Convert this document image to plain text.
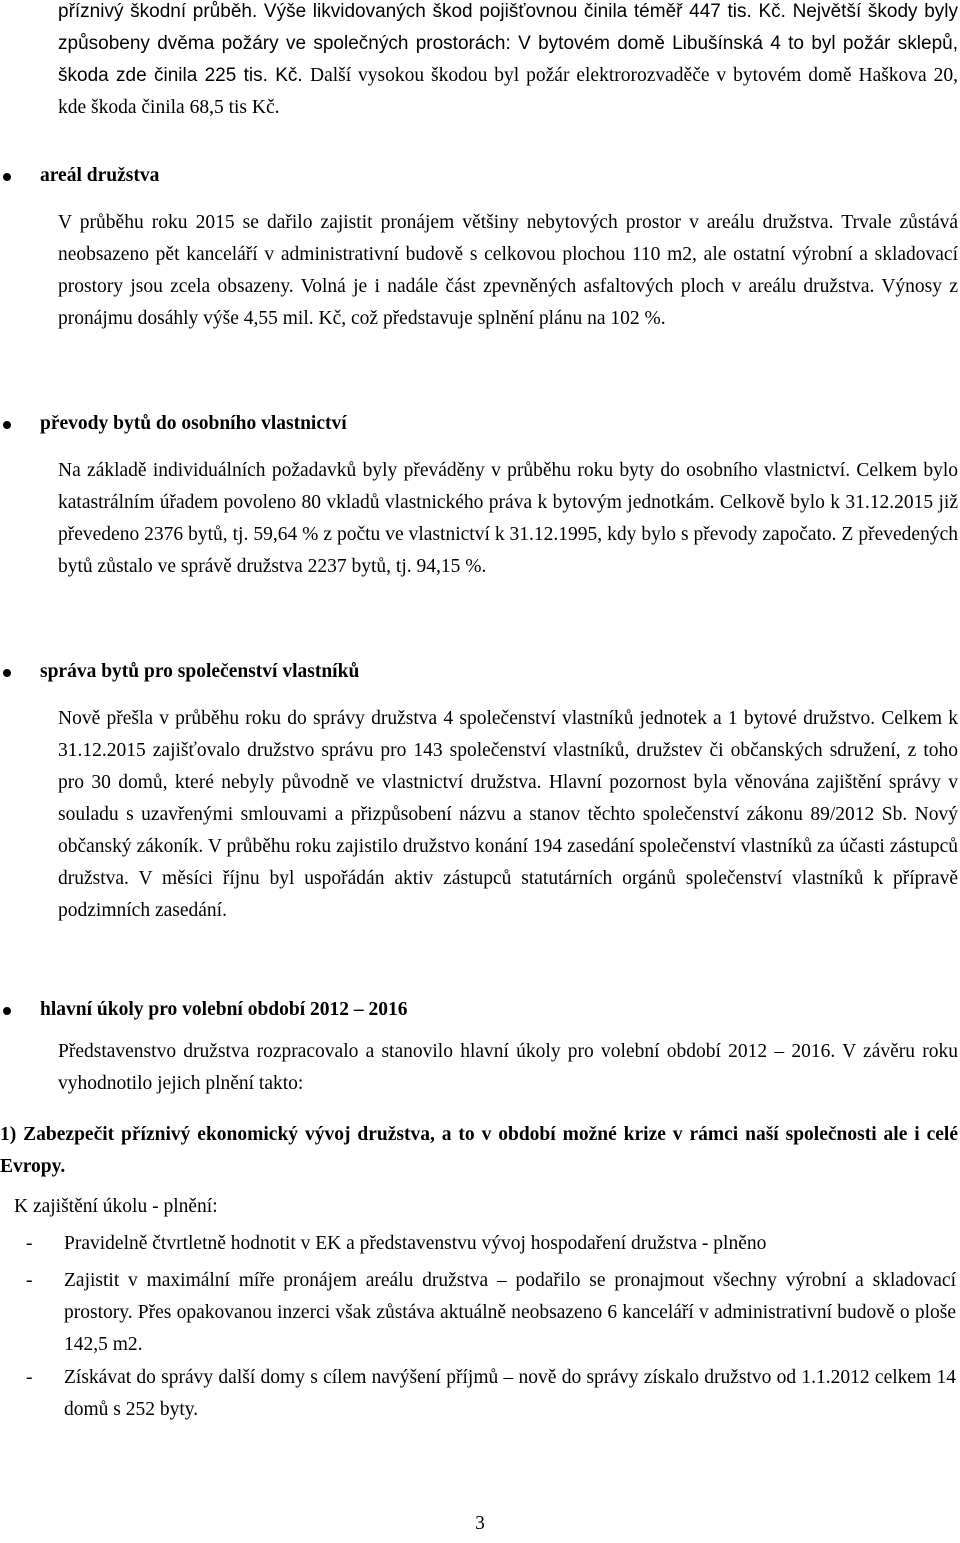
příznivý škodní průběh. Výše likvidovaných škod pojišťovnou činila téměř 447 tis. Kč. Největší škody byly způsobeny dvěma požáry ve společných prostorách: V bytovém domě Libušínská 4 to byl požár sklepů, škoda zde činila 225 tis. Kč. Další vysokou škodou byl požár elektrorozvaděče v bytovém domě Haškova 20, kde škoda činila 68,5 tis Kč.
areál družstva
V průběhu roku 2015 se dařilo zajistit pronájem většiny nebytových prostor v areálu družstva. Trvale zůstává neobsazeno pět kanceláří v administrativní budově s celkovou plochou 110 m2, ale ostatní výrobní a skladovací prostory jsou zcela obsazeny. Volná je i nadále část zpevněných asfaltových ploch v areálu družstva. Výnosy z pronájmu dosáhly výše 4,55 mil. Kč, což představuje splnění plánu na 102 %.
převody bytů do osobního vlastnictví
Na základě individuálních požadavků byly převáděny v průběhu roku byty do osobního vlastnictví. Celkem bylo katastrálním úřadem povoleno 80 vkladů vlastnického práva k bytovým jednotkám. Celkově bylo k 31.12.2015 již převedeno 2376 bytů, tj. 59,64 % z počtu ve vlastnictví k 31.12.1995, kdy bylo s převody započato. Z převedených bytů zůstalo ve správě družstva 2237 bytů, tj. 94,15 %.
správa bytů pro společenství vlastníků
Nově přešla v průběhu roku do správy družstva 4 společenství vlastníků jednotek a 1 bytové družstvo. Celkem k 31.12.2015 zajišťovalo družstvo správu pro 143 společenství vlastníků, družstev či občanských sdružení, z toho pro 30 domů, které nebyly původně ve vlastnictví družstva. Hlavní pozornost byla věnována zajištění správy v souladu s uzavřenými smlouvami a přizpůsobení názvu a stanov těchto společenství zákonu 89/2012 Sb. Nový občanský zákoník. V průběhu roku zajistilo družstvo konání 194 zasedání společenství vlastníků za účasti zástupců družstva. V měsíci říjnu byl uspořádán aktiv zástupců statutárních orgánů společenství vlastníků k přípravě podzimních zasedání.
hlavní úkoly pro volební období 2012 – 2016
Představenstvo družstva rozpracovalo a stanovilo hlavní úkoly pro volební období 2012 – 2016. V závěru roku vyhodnotilo jejich plnění takto:
1) Zabezpečit příznivý ekonomický vývoj družstva, a to v období možné krize v rámci naší společnosti ale i celé Evropy.
K zajištění úkolu - plnění:
- Pravidelně čtvrtletně hodnotit v EK a představenstvu vývoj hospodaření družstva - plněno
- Zajistit v maximální míře pronájem areálu družstva – podařilo se pronajmout všechny výrobní a skladovací prostory. Přes opakovanou inzerci však zůstáva aktuálně neobsazeno 6 kanceláří v administrativní budově o ploše 142,5 m2.
- Získávat do správy další domy s cílem navýšení příjmů – nově do správy získalo družstvo od 1.1.2012 celkem 14 domů s 252 byty.
3
